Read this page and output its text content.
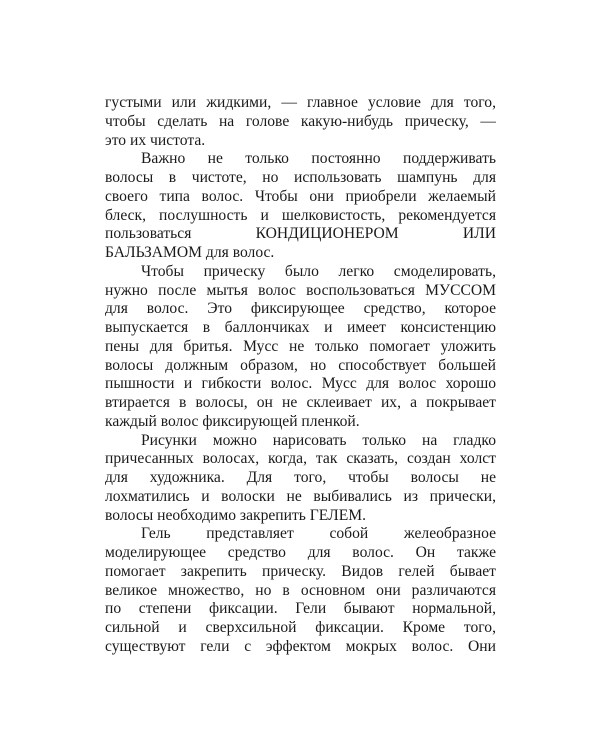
густыми или жидкими, — главное условие для того,
чтобы сделать на голове какую-нибудь прическу, —
это их чистота.
Важно не только постоянно поддерживать
волосы в чистоте, но использовать шампунь для
своего типа волос. Чтобы они приобрели желаемый
блеск, послушность и шелковистость, рекомендуется
пользоваться КОНДИЦИОНЕРОМ ИЛИ
БАЛЬЗАМОМ для волос.
Чтобы прическу было легко смоделировать,
нужно после мытья волос воспользоваться МУССОМ
для волос. Это фиксирующее средство, которое
выпускается в баллончиках и имеет консистенцию
пены для бритья. Мусс не только помогает уложить
волосы должным образом, но способствует большей
пышности и гибкости волос. Мусс для волос хорошо
втирается в волосы, он не склеивает их, а покрывает
каждый волос фиксирующей пленкой.
Рисунки можно нарисовать только на гладко
причесанных волосах, когда, так сказать, создан холст
для художника. Для того, чтобы волосы не
лохматились и волоски не выбивались из прически,
волосы необходимо закрепить ГЕЛЕМ.
Гель представляет собой желеобразное
моделирующее средство для волос. Он также
помогает закрепить прическу. Видов гелей бывает
великое множество, но в основном они различаются
по степени фиксации. Гели бывают нормальной,
сильной и сверхсильной фиксации. Кроме того,
существуют гели с эффектом мокрых волос. Они
